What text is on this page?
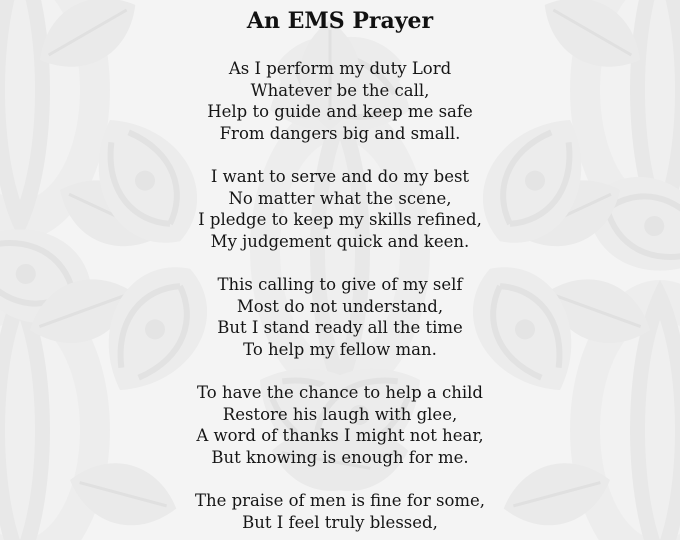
An EMS Prayer
As I perform my duty Lord
Whatever be the call,
Help to guide and keep me safe
From dangers big and small.
I want to serve and do my best
No matter what the scene,
I pledge to keep my skills refined,
My judgement quick and keen.
This calling to give of my self
Most do not understand,
But I stand ready all the time
To help my fellow man.
To have the chance to help a child
Restore his laugh with glee,
A word of thanks I might not hear,
But knowing is enough for me.
The praise of men is fine for some,
But I feel truly blessed,
